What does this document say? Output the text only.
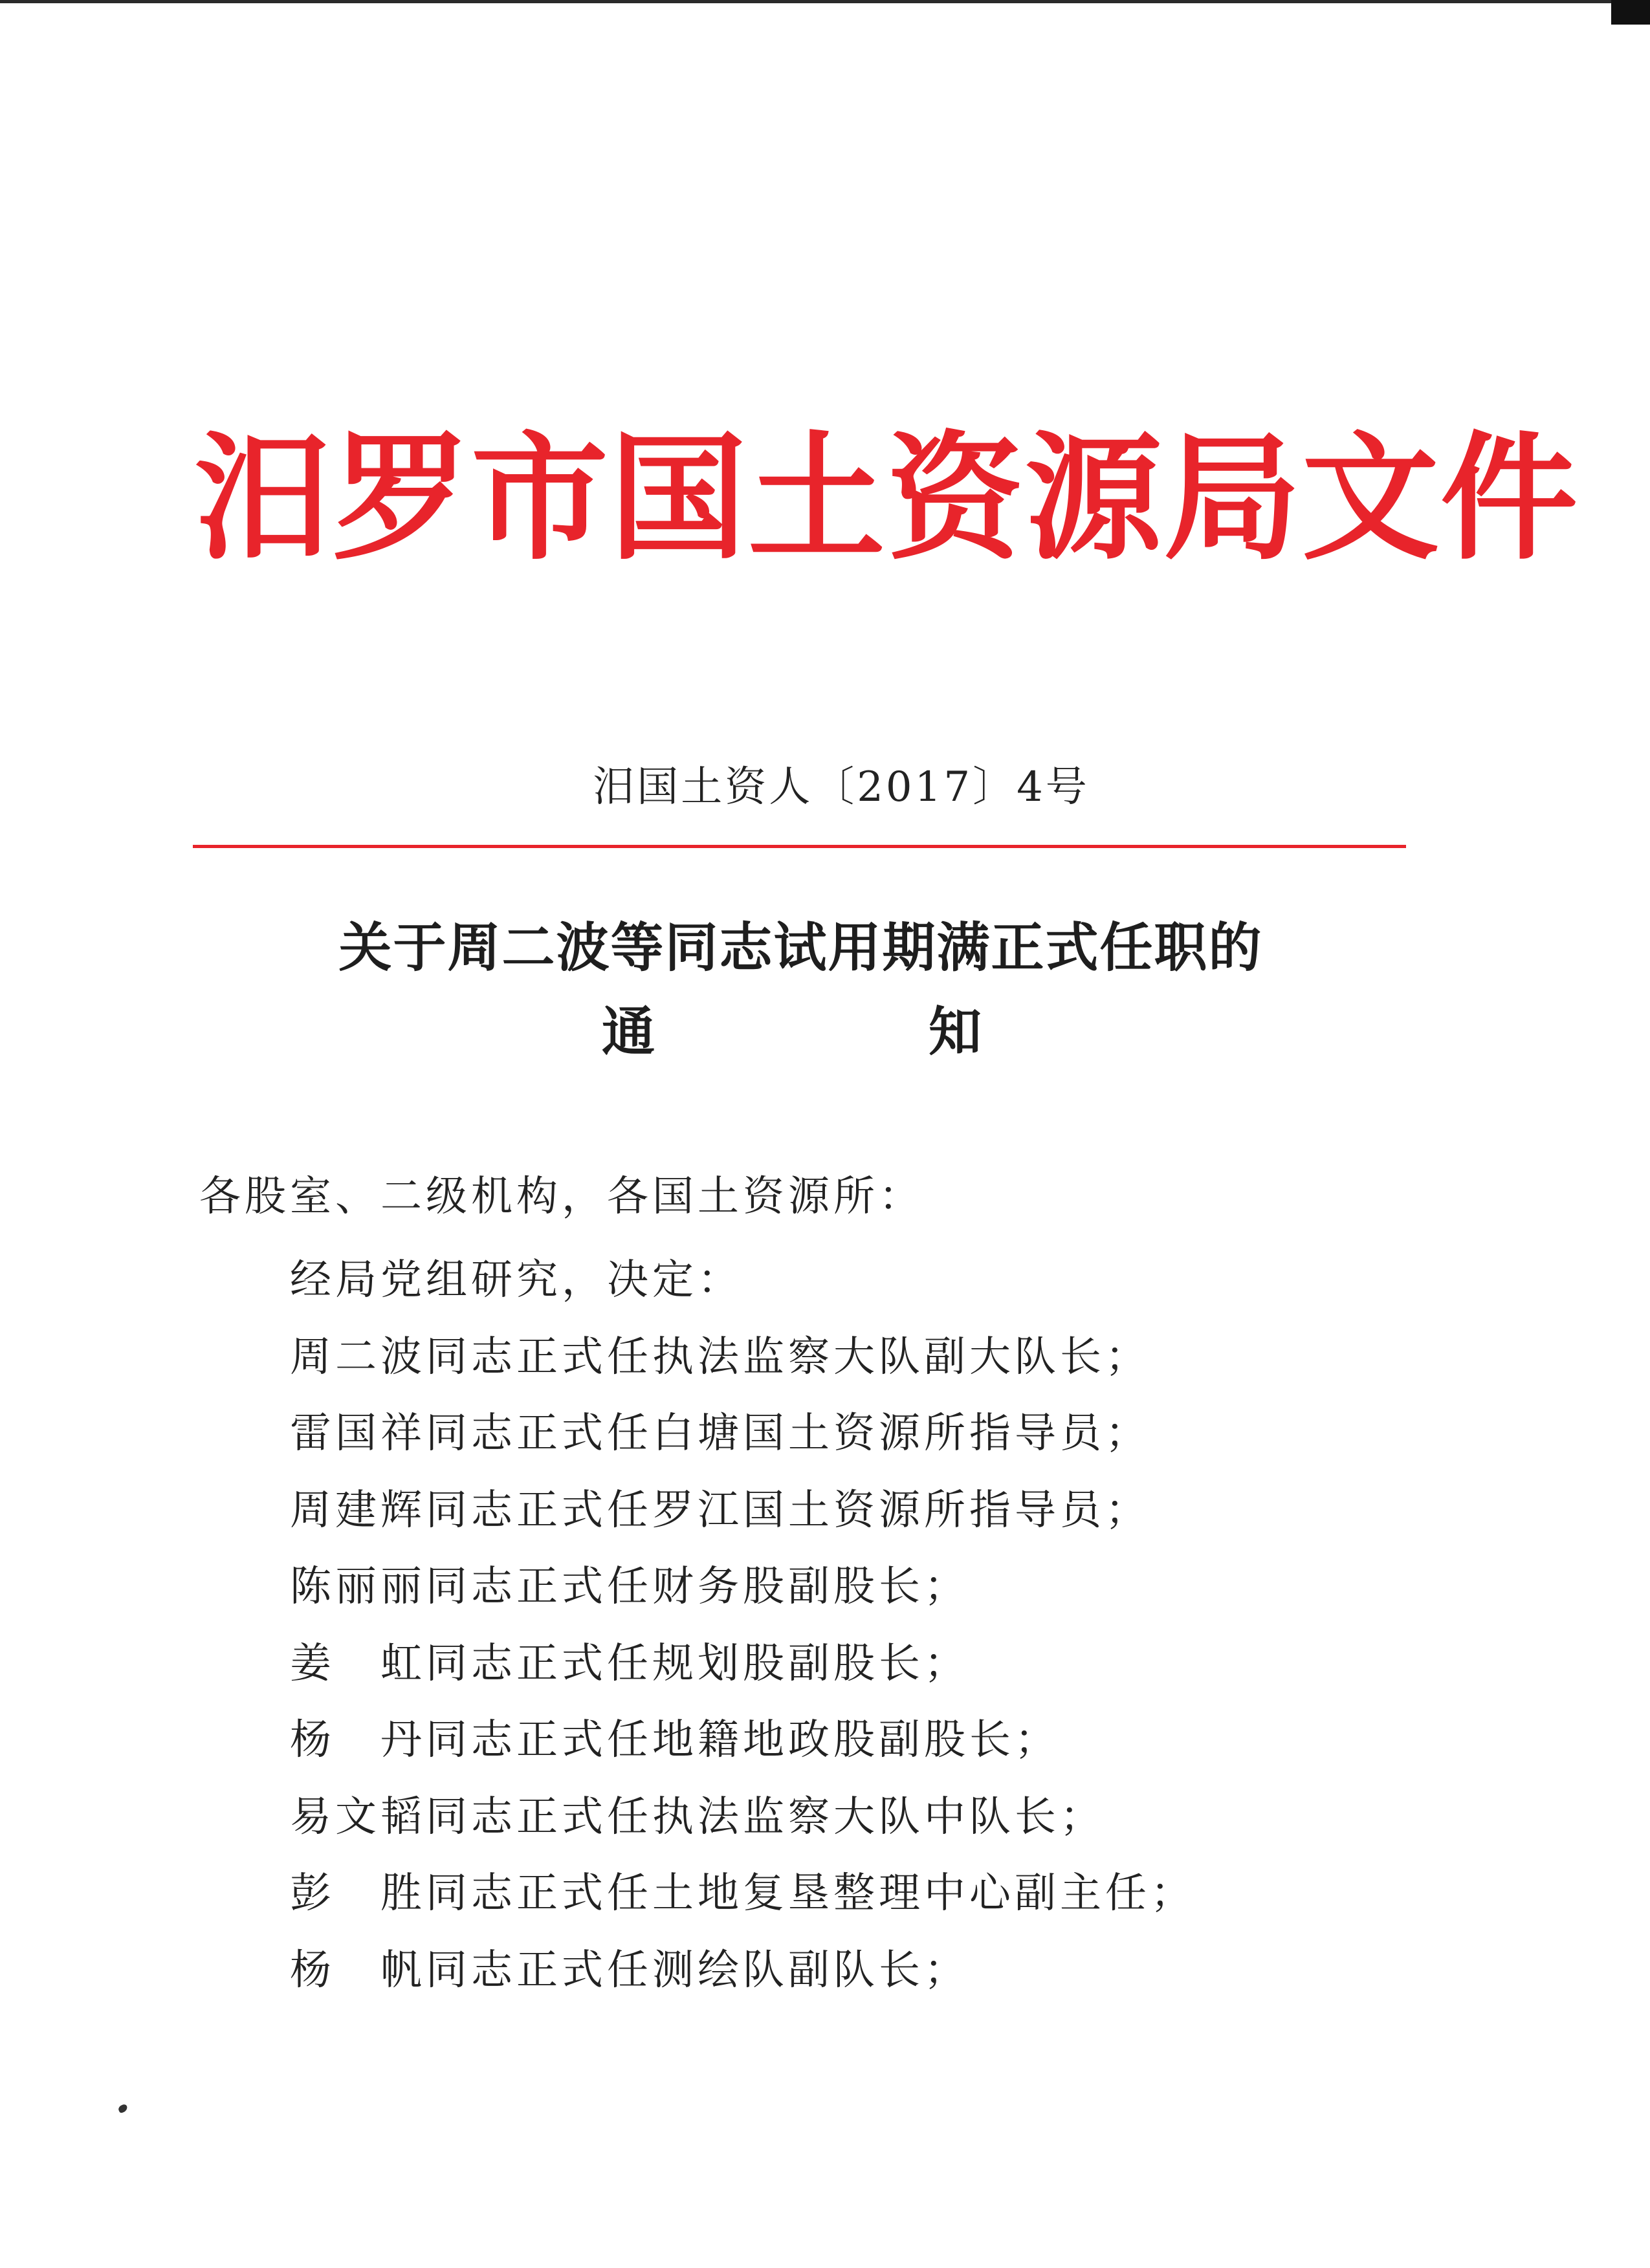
汨罗市国土资源局文件
汨国土资人〔2017〕4号
关于周二波等同志试用期满正式任职的
通	知
各股室、二级机构，各国土资源所：
经局党组研究，决定：
周二波同志正式任执法监察大队副大队长；
雷国祥同志正式任白塘国土资源所指导员；
周建辉同志正式任罗江国土资源所指导员；
陈丽丽同志正式任财务股副股长；
姜　虹同志正式任规划股副股长；
杨　丹同志正式任地籍地政股副股长；
易文韬同志正式任执法监察大队中队长；
彭　胜同志正式任土地复垦整理中心副主任；
杨　帆同志正式任测绘队副队长；
